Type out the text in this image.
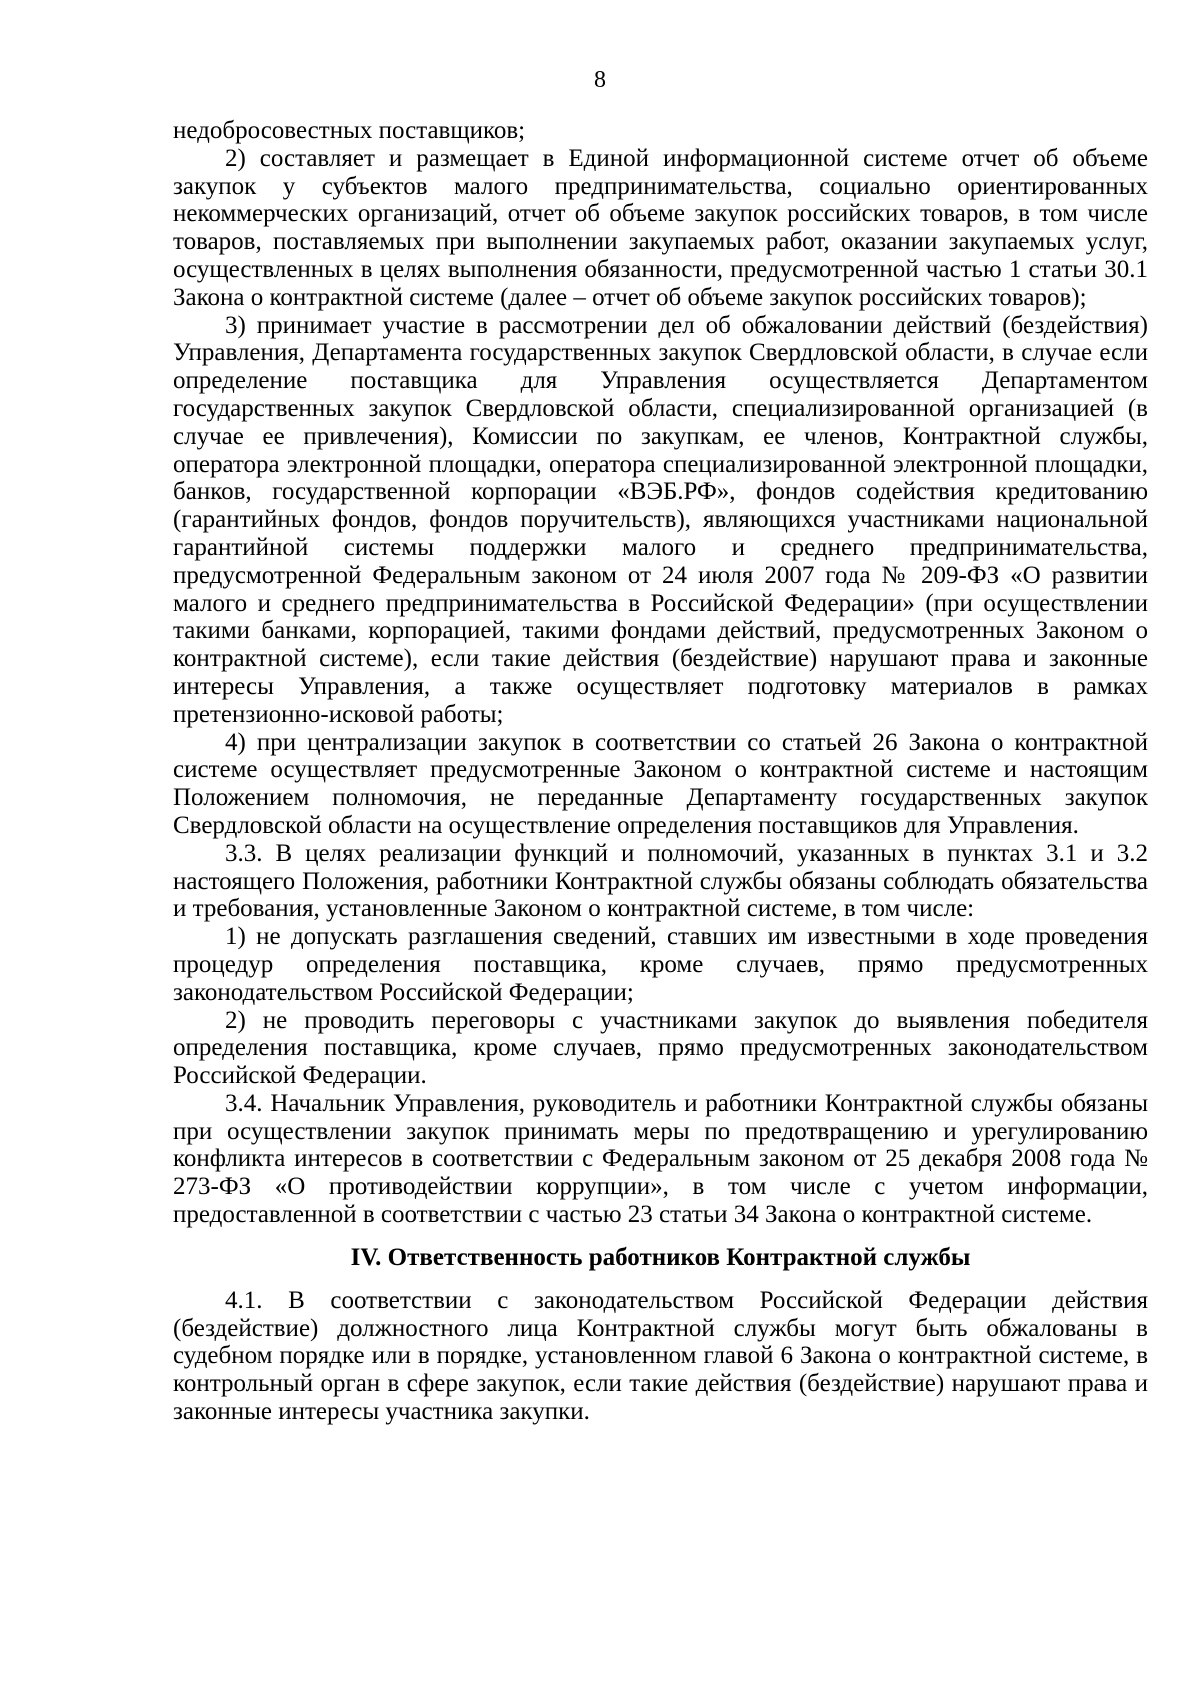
8

недобросовестных поставщиков;

2) составляет и размещает в Единой информационной системе отчет об объеме закупок у субъектов малого предпринимательства, социально ориентированных некоммерческих организаций, отчет об объеме закупок российских товаров, в том числе товаров, поставляемых при выполнении закупаемых работ, оказании закупаемых услуг, осуществленных в целях выполнения обязанности, предусмотренной частью 1 статьи 30.1 Закона о контрактной системе (далее – отчет об объеме закупок российских товаров);

3) принимает участие в рассмотрении дел об обжаловании действий (бездействия) Управления, Департамента государственных закупок Свердловской области, в случае если определение поставщика для Управления осуществляется Департаментом государственных закупок Свердловской области, специализированной организацией (в случае ее привлечения), Комиссии по закупкам, ее членов, Контрактной службы, оператора электронной площадки, оператора специализированной электронной площадки, банков, государственной корпорации «ВЭБ.РФ», фондов содействия кредитованию (гарантийных фондов, фондов поручительств), являющихся участниками национальной гарантийной системы поддержки малого и среднего предпринимательства, предусмотренной Федеральным законом от 24 июля 2007 года № 209-ФЗ «О развитии малого и среднего предпринимательства в Российской Федерации» (при осуществлении такими банками, корпорацией, такими фондами действий, предусмотренных Законом о контрактной системе), если такие действия (бездействие) нарушают права и законные интересы Управления, а также осуществляет подготовку материалов в рамках претензионно-исковой работы;

4) при централизации закупок в соответствии со статьей 26 Закона о контрактной системе осуществляет предусмотренные Законом о контрактной системе и настоящим Положением полномочия, не переданные Департаменту государственных закупок Свердловской области на осуществление определения поставщиков для Управления.

3.3. В целях реализации функций и полномочий, указанных в пунктах 3.1 и 3.2 настоящего Положения, работники Контрактной службы обязаны соблюдать обязательства и требования, установленные Законом о контрактной системе, в том числе:

1) не допускать разглашения сведений, ставших им известными в ходе проведения процедур определения поставщика, кроме случаев, прямо предусмотренных законодательством Российской Федерации;

2) не проводить переговоры с участниками закупок до выявления победителя определения поставщика, кроме случаев, прямо предусмотренных законодательством Российской Федерации.

3.4. Начальник Управления, руководитель и работники Контрактной службы обязаны при осуществлении закупок принимать меры по предотвращению и урегулированию конфликта интересов в соответствии с Федеральным законом от 25 декабря 2008 года № 273-ФЗ «О противодействии коррупции», в том числе с учетом информации, предоставленной в соответствии с частью 23 статьи 34 Закона о контрактной системе.

IV. Ответственность работников Контрактной службы

4.1. В соответствии с законодательством Российской Федерации действия (бездействие) должностного лица Контрактной службы могут быть обжалованы в судебном порядке или в порядке, установленном главой 6 Закона о контрактной системе, в контрольный орган в сфере закупок, если такие действия (бездействие) нарушают права и законные интересы участника закупки.
